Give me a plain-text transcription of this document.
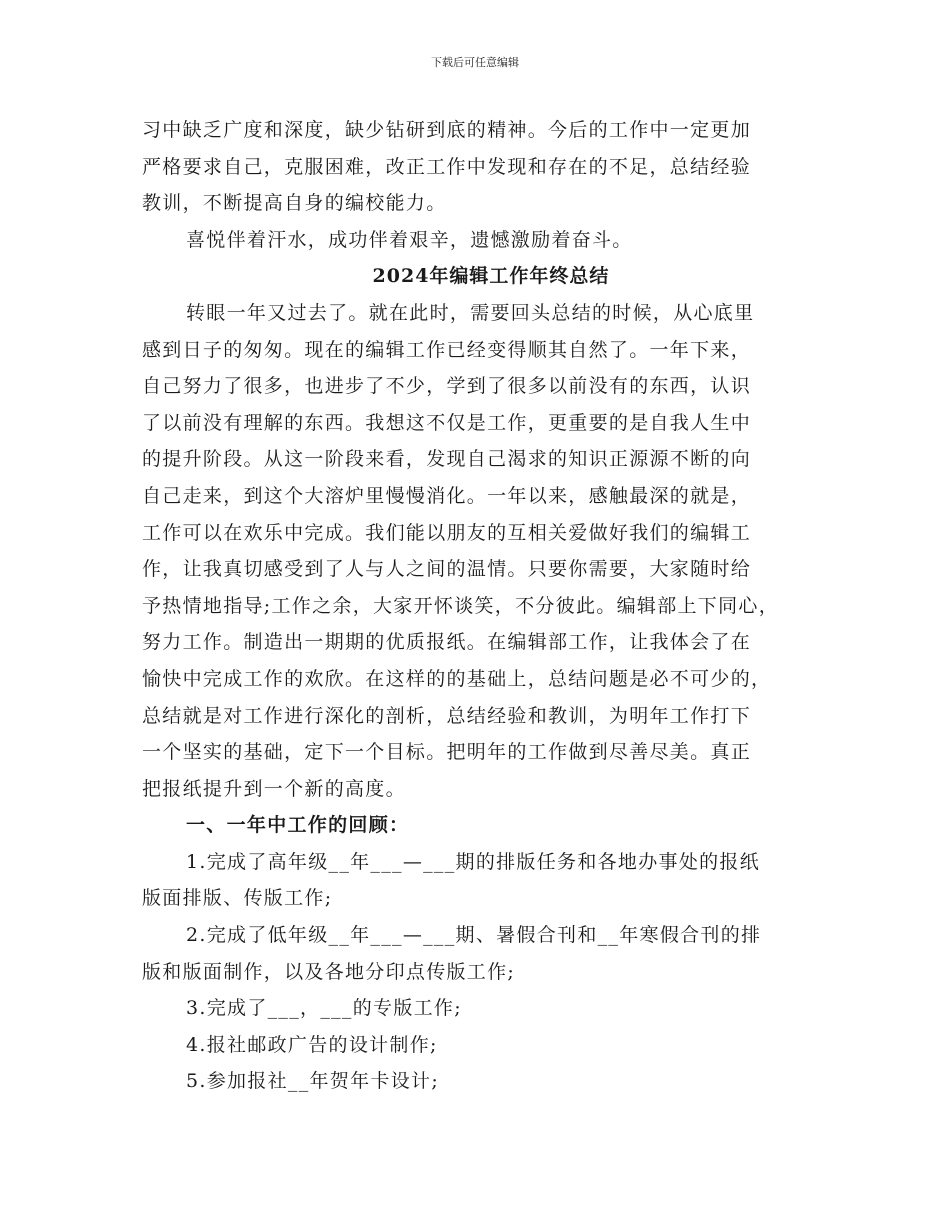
下载后可任意编辑
习中缺乏广度和深度，缺少钻研到底的精神。今后的工作中一定更加
严格要求自己，克服困难，改正工作中发现和存在的不足，总结经验
教训，不断提高自身的编校能力。
喜悦伴着汗水，成功伴着艰辛，遗憾激励着奋斗。
2024年编辑工作年终总结
转眼一年又过去了。就在此时，需要回头总结的时候，从心底里
感到日子的匆匆。现在的编辑工作已经变得顺其自然了。一年下来，
自己努力了很多，也进步了不少，学到了很多以前没有的东西，认识
了以前没有理解的东西。我想这不仅是工作，更重要的是自我人生中
的提升阶段。从这一阶段来看，发现自己渴求的知识正源源不断的向
自己走来，到这个大溶炉里慢慢消化。一年以来，感触最深的就是，
工作可以在欢乐中完成。我们能以朋友的互相关爱做好我们的编辑工
作，让我真切感受到了人与人之间的温情。只要你需要，大家随时给
予热情地指导;工作之余，大家开怀谈笑，不分彼此。编辑部上下同心，
努力工作。制造出一期期的优质报纸。在编辑部工作，让我体会了在
愉快中完成工作的欢欣。在这样的的基础上，总结问题是必不可少的，
总结就是对工作进行深化的剖析，总结经验和教训，为明年工作打下
一个坚实的基础，定下一个目标。把明年的工作做到尽善尽美。真正
把报纸提升到一个新的高度。
一、一年中工作的回顾：
1.完成了高年级__年___—___期的排版任务和各地办事处的报纸
版面排版、传版工作;
2.完成了低年级__年___—___期、暑假合刊和__年寒假合刊的排
版和版面制作，以及各地分印点传版工作;
3.完成了___，___的专版工作;
4.报社邮政广告的设计制作;
5.参加报社__年贺年卡设计;
